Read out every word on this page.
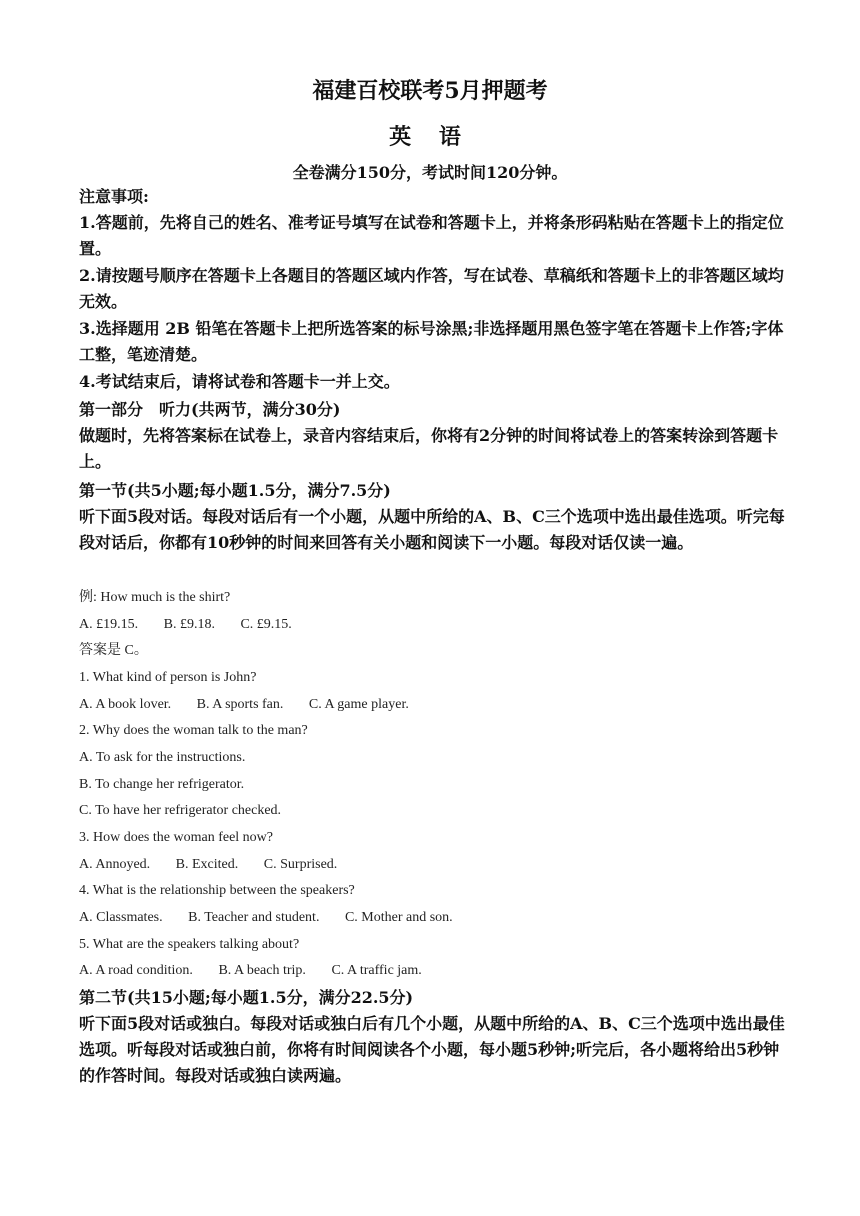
福建百校联考5月押题考
英 语
全卷满分150分，考试时间120分钟。
注意事项:
1.答题前，先将自己的姓名、准考证号填写在试卷和答题卡上，并将条形码粘贴在答题卡上的指定位置。
2.请按题号顺序在答题卡上各题目的答题区域内作答，写在试卷、草稿纸和答题卡上的非答题区域均无效。
3.选择题用 2B 铅笔在答题卡上把所选答案的标号涂黑;非选择题用黑色签字笔在答题卡上作答;字体工整，笔迹清楚。
4.考试结束后，请将试卷和答题卡一并上交。
第一部分　听力(共两节，满分30分)
做题时，先将答案标在试卷上，录音内容结束后，你将有2分钟的时间将试卷上的答案转涂到答题卡上。
第一节(共5小题;每小题1.5分，满分7.5分)
听下面5段对话。每段对话后有一个小题，从题中所给的A、B、C三个选项中选出最佳选项。听完每段对话后，你都有10秒钟的时间来回答有关小题和阅读下一小题。每段对话仅读一遍。
例: How much is the shirt?
A. £19.15. B. £9.18. C. £9.15.
答案是 C。
1. What kind of person is John?
A. A book lover. B. A sports fan. C. A game player.
2. Why does the woman talk to the man?
A. To ask for the instructions.
B. To change her refrigerator.
C. To have her refrigerator checked.
3. How does the woman feel now?
A. Annoyed. B. Excited. C. Surprised.
4. What is the relationship between the speakers?
A. Classmates. B. Teacher and student. C. Mother and son.
5. What are the speakers talking about?
A. A road condition. B. A beach trip. C. A traffic jam.
第二节(共15小题;每小题1.5分，满分22.5分)
听下面5段对话或独白。每段对话或独白后有几个小题，从题中所给的A、B、C三个选项中选出最佳选项。听每段对话或独白前，你将有时间阅读各个小题，每小题5秒钟;听完后，各小题将给出5秒钟的作答时间。每段对话或独白读两遍。
